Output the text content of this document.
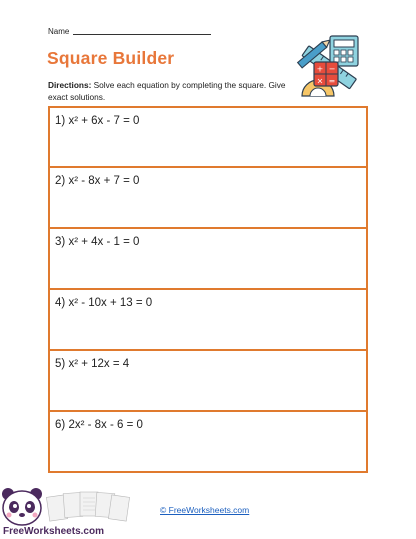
Name
Square Builder
Directions: Solve each equation by completing the square. Give exact solutions.
+ −
× =
1) x² + 6x - 7 = 0
2) x² - 8x + 7 = 0
3) x² + 4x - 1 = 0
4) x² - 10x + 13 = 0
5) x² + 12x = 4
6) 2x² - 8x - 6 = 0
FreeWorksheets.com
© FreeWorksheets.com
